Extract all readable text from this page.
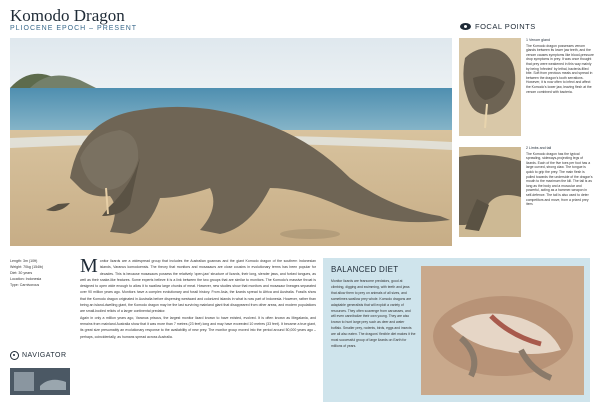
Komodo Dragon
PLIOCENE EPOCH – PRESENT	FOCAL POINTS
1 Venom gland
The Komodo dragon possesses venom glands between its lower jaw teeth, and the venom causes symptoms like blood-pressure drop symptoms in prey. It was once thought that prey were weakened in this way mainly by being 'infected' by lethal, bacteria-filled bite. Soft from previous meals and spread in between the dragon's tooth serrations. However, it is now often to infect and affect the Komodo's lower jaw, leaving flesh at the venom combined with bacteria.
2 Limbs and tail
The Komodo dragon has the typical sprawling, sideways-projecting legs of lizards. Each of the five toes per foot has a large curved, strong claw. The tongue is quick to grip the prey. The main flesh is pulled towards the underside of the dragon's mouth to the maximum the kill. The tail is as long as the body and a muscular and powerful, acting as a hammer-weapon in self-defence. The tail is also used to deter competitors and move, from a prized prey item.
Length: 3m (10ft)
Weight: 70kg (154lb)
Diet: 30 years
Location: Indonesia
Type: Carnivorous
M onitor lizards are a widespread group that includes the Australian goannas and the giant Komodo dragon of the southern Indonesian islands, Varanus komodoensis. The theory that monitors and mosasaurs are close cousins in evolutionary terms has been popular for decades. This is because mosasaurs possess the relatively 'open-jaw' structure of lizards, their long, slender jaws, and forked tongues, as well as their snake-like features. Some experts believe it is a link between the two groups that are similar to monitors. The Komodo's massive throat is designed to open wide enough to allow it to swallow large chunks of meat. However, new studies show that monitors and mosasaur lineages separated over 90 million years ago. Monitors have a complex evolutionary and fossil history. From Asia, the lizards spread to Africa and Australia. Fossils show that the Komodo dragon originated in Australia before dispersing westward and colonized islands in what is now part of Indonesia. However, rather than being an island-dwelling giant, the Komodo dragon may be the last surviving mainland giant that disappeared from other areas, and modern populations are small-bodied relicts of a larger continental predator.

Again in only a million years ago, Varanus priscus, the largest monitor lizard known to have existed, evolved. It is often known as Megalania, and remains from mainland Australia show that it was more than 7 metres (23 feet) long and may have exceeded 10 metres (33 feet). It became a true giant, its great size presumably an evolutionary response to the availability of new prey. The monitor group moved into the period around 50,000 years ago – perhaps, coincidentally, as humans spread across Australia.

NAVIGATOR
BALANCED DIET
Monitor lizards are fearsome predators, good at climbing, digging and swimming, with teeth and jaws that allow them to prey on animals of all sizes, and sometimes swallow prey whole. Komodo dragons are adaptable generalists that will exploit a variety of resources. They often scavenge from carcasses, and will even cannibalize their own young. They are also known to hunt large prey such as deer and water buffalo. Smaller prey, rodents, birds, eggs and insects are all also eaten. The dragons' flexible diet makes it the most successful group of large lizards on Earth for millions of years.
